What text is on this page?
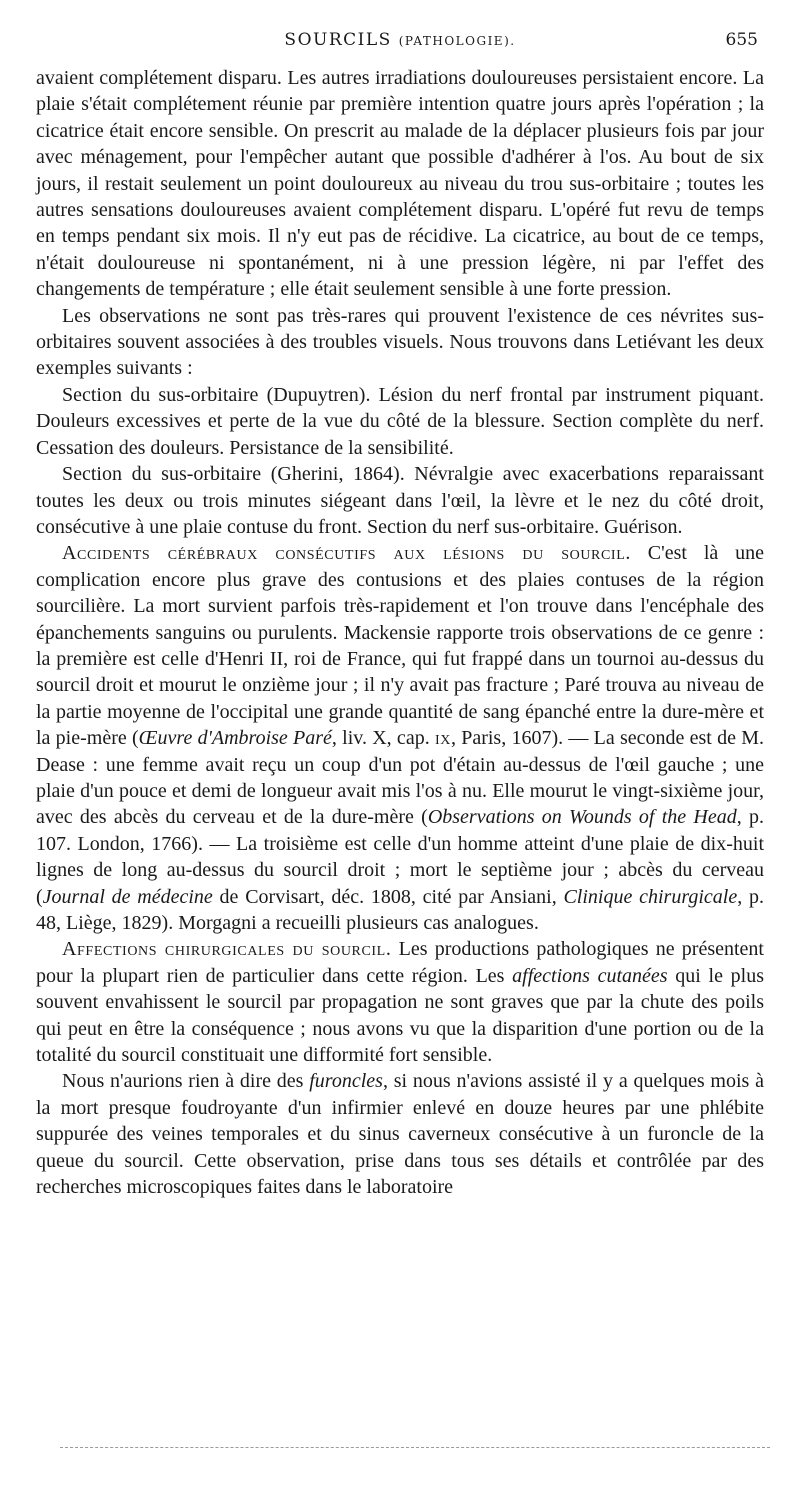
SOURCILS (PATHOLOGIE).	655

avaient complétement disparu. Les autres irradiations douloureuses persistaient encore. La plaie s'était complétement réunie par première intention quatre jours après l'opération ; la cicatrice était encore sensible. On prescrit au malade de la déplacer plusieurs fois par jour avec ménagement, pour l'empêcher autant que possible d'adhérer à l'os. Au bout de six jours, il restait seulement un point douloureux au niveau du trou sus-orbitaire ; toutes les autres sensations douloureuses avaient complétement disparu. L'opéré fut revu de temps en temps pendant six mois. Il n'y eut pas de récidive. La cicatrice, au bout de ce temps, n'était douloureuse ni spontanément, ni à une pression légère, ni par l'effet des changements de température ; elle était seulement sensible à une forte pression.

Les observations ne sont pas très-rares qui prouvent l'existence de ces névrites sus-orbitaires souvent associées à des troubles visuels. Nous trouvons dans Letiévant les deux exemples suivants :

Section du sus-orbitaire (Dupuytren). Lésion du nerf frontal par instrument piquant. Douleurs excessives et perte de la vue du côté de la blessure. Section complète du nerf. Cessation des douleurs. Persistance de la sensibilité.

Section du sus-orbitaire (Gherini, 1864). Névralgie avec exacerbations reparaissant toutes les deux ou trois minutes siégeant dans l'œil, la lèvre et le nez du côté droit, consécutive à une plaie contuse du front. Section du nerf sus-orbitaire. Guérison.

Accidents cérébraux consécutifs aux lésions du sourcil. C'est là une complication encore plus grave des contusions et des plaies contuses de la région sourcilière. La mort survient parfois très-rapidement et l'on trouve dans l'encéphale des épanchements sanguins ou purulents. Mackensie rapporte trois observations de ce genre : la première est celle d'Henri II, roi de France, qui fut frappé dans un tournoi au-dessus du sourcil droit et mourut le onzième jour ; il n'y avait pas fracture ; Paré trouva au niveau de la partie moyenne de l'occipital une grande quantité de sang épanché entre la dure-mère et la pie-mère (Œuvre d'Ambroise Paré, liv. X, cap. ix, Paris, 1607). — La seconde est de M. Dease : une femme avait reçu un coup d'un pot d'étain au-dessus de l'œil gauche ; une plaie d'un pouce et demi de longueur avait mis l'os à nu. Elle mourut le vingt-sixième jour, avec des abcès du cerveau et de la dure-mère (Observations on Wounds of the Head, p. 107. London, 1766). — La troisième est celle d'un homme atteint d'une plaie de dix-huit lignes de long au-dessus du sourcil droit ; mort le septième jour ; abcès du cerveau (Journal de médecine de Corvisart, déc. 1808, cité par Ansiani, Clinique chirurgicale, p. 48, Liège, 1829). Morgagni a recueilli plusieurs cas analogues.

Affections chirurgicales du sourcil. Les productions pathologiques ne présentent pour la plupart rien de particulier dans cette région. Les affections cutanées qui le plus souvent envahissent le sourcil par propagation ne sont graves que par la chute des poils qui peut en être la conséquence ; nous avons vu que la disparition d'une portion ou de la totalité du sourcil constituait une difformité fort sensible.

Nous n'aurions rien à dire des furoncles, si nous n'avions assisté il y a quelques mois à la mort presque foudroyante d'un infirmier enlevé en douze heures par une phlébite suppurée des veines temporales et du sinus caverneux consécutive à un furoncle de la queue du sourcil. Cette observation, prise dans tous ses détails et contrôlée par des recherches microscopiques faites dans le laboratoire
